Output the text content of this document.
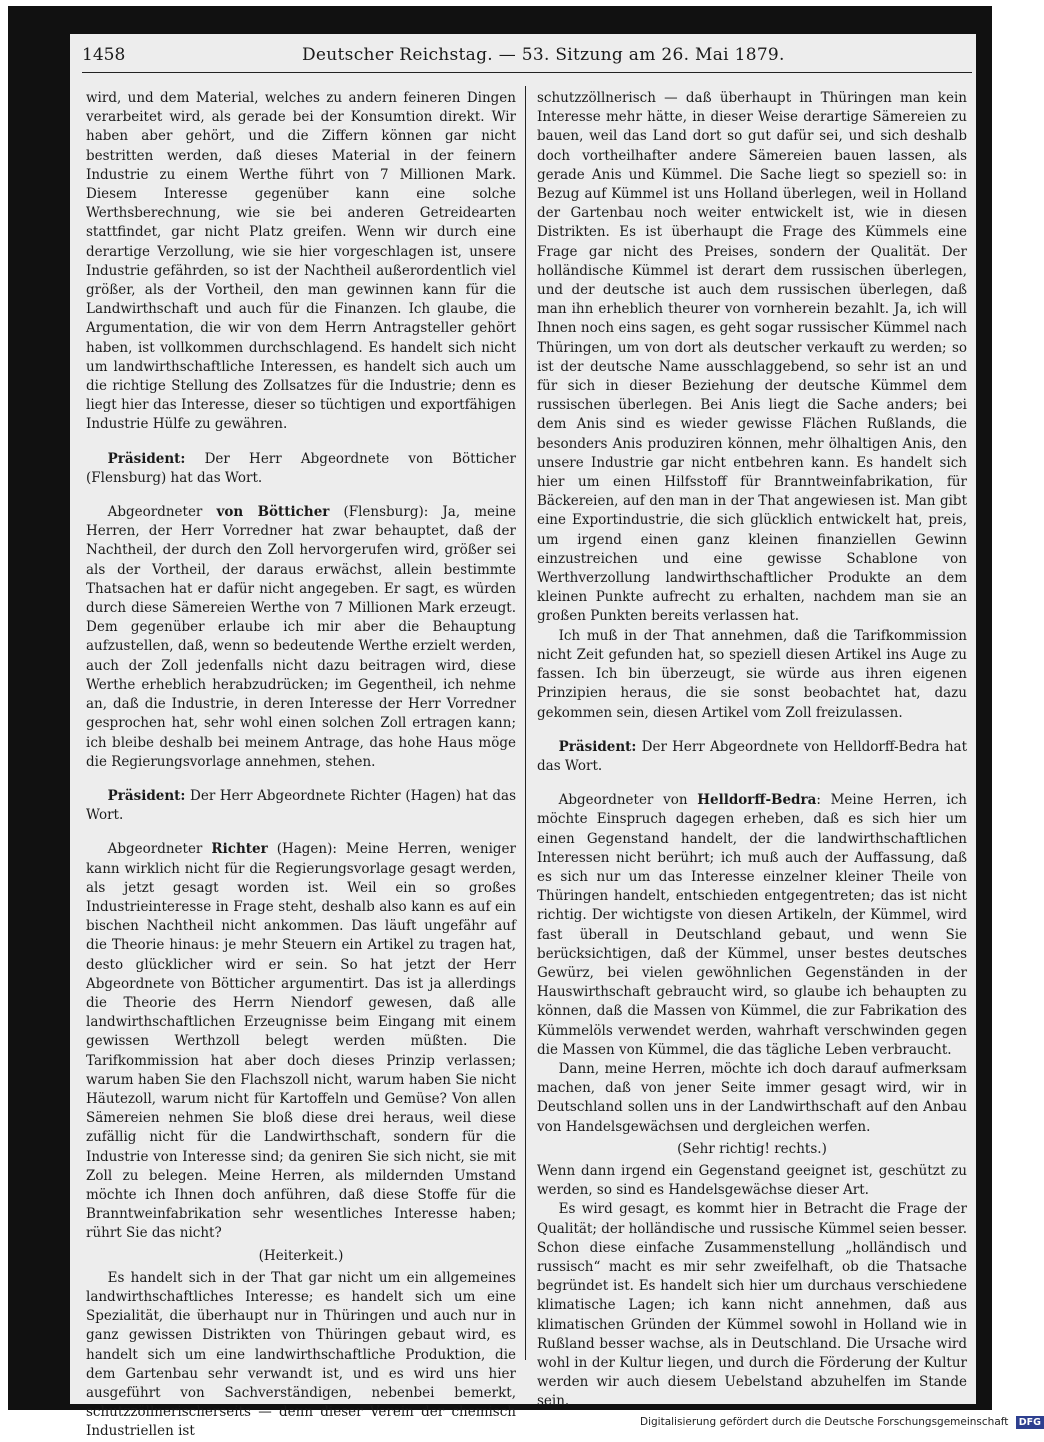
1458	Deutscher Reichstag. — 53. Sitzung am 26. Mai 1879.

wird, und dem Material, welches zu andern feineren Dingen verarbeitet wird, als gerade bei der Konsumtion direkt. Wir haben aber gehört, und die Ziffern können gar nicht bestritten werden, daß dieses Material in der feinern Industrie zu einem Werthe führt von 7 Millionen Mark. Diesem Interesse gegenüber kann eine solche Werthsberechnung, wie sie bei anderen Getreidearten stattfindet, gar nicht Platz greifen. Wenn wir durch eine derartige Verzollung, wie sie hier vorgeschlagen ist, unsere Industrie gefährden, so ist der Nachtheil außerordentlich viel größer, als der Vortheil, den man gewinnen kann für die Landwirthschaft und auch für die Finanzen. Ich glaube, die Argumentation, die wir von dem Herrn Antragsteller gehört haben, ist vollkommen durchschlagend. Es handelt sich nicht um landwirthschaftliche Interessen, es handelt sich auch um die richtige Stellung des Zollsatzes für die Industrie; denn es liegt hier das Interesse, dieser so tüchtigen und exportfähigen Industrie Hülfe zu gewähren.

Präsident: Der Herr Abgeordnete von Bötticher (Flensburg) hat das Wort.

Abgeordneter von Bötticher (Flensburg): Ja, meine Herren, der Herr Vorredner hat zwar behauptet, daß der Nachtheil, der durch den Zoll hervorgerufen wird, größer sei als der Vortheil, der daraus erwächst, allein bestimmte Thatsachen hat er dafür nicht angegeben. Er sagt, es würden durch diese Sämereien Werthe von 7 Millionen Mark erzeugt. Dem gegenüber erlaube ich mir aber die Behauptung aufzustellen, daß, wenn so bedeutende Werthe erzielt werden, auch der Zoll jedenfalls nicht dazu beitragen wird, diese Werthe erheblich herabzudrücken; im Gegentheil, ich nehme an, daß die Industrie, in deren Interesse der Herr Vorredner gesprochen hat, sehr wohl einen solchen Zoll ertragen kann; ich bleibe deshalb bei meinem Antrage, das hohe Haus möge die Regierungsvorlage annehmen, stehen.

Präsident: Der Herr Abgeordnete Richter (Hagen) hat das Wort.

Abgeordneter Richter (Hagen): Meine Herren, weniger kann wirklich nicht für die Regierungsvorlage gesagt werden, als jetzt gesagt worden ist. Weil ein so großes Industrieinteresse in Frage steht, deshalb also kann es auf ein bischen Nachtheil nicht ankommen. Das läuft ungefähr auf die Theorie hinaus: je mehr Steuern ein Artikel zu tragen hat, desto glücklicher wird er sein. So hat jetzt der Herr Abgeordnete von Bötticher argumentirt. Das ist ja allerdings die Theorie des Herrn Niendorf gewesen, daß alle landwirthschaftlichen Erzeugnisse beim Eingang mit einem gewissen Werthzoll belegt werden müßten. Die Tarifkommission hat aber doch dieses Prinzip verlassen; warum haben Sie den Flachszoll nicht, warum haben Sie nicht Häutezoll, warum nicht für Kartoffeln und Gemüse? Von allen Sämereien nehmen Sie bloß diese drei heraus, weil diese zufällig nicht für die Landwirthschaft, sondern für die Industrie von Interesse sind; da geniren Sie sich nicht, sie mit Zoll zu belegen. Meine Herren, als mildernden Umstand möchte ich Ihnen doch anführen, daß diese Stoffe für die Branntweinfabrikation sehr wesentliches Interesse haben; rührt Sie das nicht?

(Heiterkeit.)

Es handelt sich in der That gar nicht um ein allgemeines landwirthschaftliches Interesse; es handelt sich um eine Spezialität, die überhaupt nur in Thüringen und auch nur in ganz gewissen Distrikten von Thüringen gebaut wird, es handelt sich um eine landwirthschaftliche Produktion, die dem Gartenbau sehr verwandt ist, und es wird uns hier ausgeführt von Sachverständigen, nebenbei bemerkt, schutzzöllnerischerseits — denn dieser Verein der chemisch Industriellen ist

schutzzöllnerisch — daß überhaupt in Thüringen man kein Interesse mehr hätte, in dieser Weise derartige Sämereien zu bauen, weil das Land dort so gut dafür sei, und sich deshalb doch vortheilhafter andere Sämereien bauen lassen, als gerade Anis und Kümmel. Die Sache liegt so speziell so: in Bezug auf Kümmel ist uns Holland überlegen, weil in Holland der Gartenbau noch weiter entwickelt ist, wie in diesen Distrikten. Es ist überhaupt die Frage des Kümmels eine Frage gar nicht des Preises, sondern der Qualität. Der holländische Kümmel ist derart dem russischen überlegen, und der deutsche ist auch dem russischen überlegen, daß man ihn erheblich theurer von vornherein bezahlt. Ja, ich will Ihnen noch eins sagen, es geht sogar russischer Kümmel nach Thüringen, um von dort als deutscher verkauft zu werden; so ist der deutsche Name ausschlaggebend, so sehr ist an und für sich in dieser Beziehung der deutsche Kümmel dem russischen überlegen. Bei Anis liegt die Sache anders; bei dem Anis sind es wieder gewisse Flächen Rußlands, die besonders Anis produziren können, mehr ölhaltigen Anis, den unsere Industrie gar nicht entbehren kann. Es handelt sich hier um einen Hilfsstoff für Branntweinfabrikation, für Bäckereien, auf den man in der That angewiesen ist. Man gibt eine Exportindustrie, die sich glücklich entwickelt hat, preis, um irgend einen ganz kleinen finanziellen Gewinn einzustreichen und eine gewisse Schablone von Werthverzollung landwirthschaftlicher Produkte an dem kleinen Punkte aufrecht zu erhalten, nachdem man sie an großen Punkten bereits verlassen hat.

Ich muß in der That annehmen, daß die Tarifkommission nicht Zeit gefunden hat, so speziell diesen Artikel ins Auge zu fassen. Ich bin überzeugt, sie würde aus ihren eigenen Prinzipien heraus, die sie sonst beobachtet hat, dazu gekommen sein, diesen Artikel vom Zoll freizulassen.

Präsident: Der Herr Abgeordnete von Helldorff-Bedra hat das Wort.

Abgeordneter von Helldorff-Bedra: Meine Herren, ich möchte Einspruch dagegen erheben, daß es sich hier um einen Gegenstand handelt, der die landwirthschaftlichen Interessen nicht berührt; ich muß auch der Auffassung, daß es sich nur um das Interesse einzelner kleiner Theile von Thüringen handelt, entschieden entgegentreten; das ist nicht richtig. Der wichtigste von diesen Artikeln, der Kümmel, wird fast überall in Deutschland gebaut, und wenn Sie berücksichtigen, daß der Kümmel, unser bestes deutsches Gewürz, bei vielen gewöhnlichen Gegenständen in der Hauswirthschaft gebraucht wird, so glaube ich behaupten zu können, daß die Massen von Kümmel, die zur Fabrikation des Kümmelöls verwendet werden, wahrhaft verschwinden gegen die Massen von Kümmel, die das tägliche Leben verbraucht.

Dann, meine Herren, möchte ich doch darauf aufmerksam machen, daß von jener Seite immer gesagt wird, wir in Deutschland sollen uns in der Landwirthschaft auf den Anbau von Handelsgewächsen und dergleichen werfen.

(Sehr richtig! rechts.)

Wenn dann irgend ein Gegenstand geeignet ist, geschützt zu werden, so sind es Handelsgewächse dieser Art.

Es wird gesagt, es kommt hier in Betracht die Frage der Qualität; der holländische und russische Kümmel seien besser. Schon diese einfache Zusammenstellung „holländisch und russisch“ macht es mir sehr zweifelhaft, ob die Thatsache begründet ist. Es handelt sich hier um durchaus verschiedene klimatische Lagen; ich kann nicht annehmen, daß aus klimatischen Gründen der Kümmel sowohl in Holland wie in Rußland besser wachse, als in Deutschland. Die Ursache wird wohl in der Kultur liegen, und durch die Förderung der Kultur werden wir auch diesem Uebelstand abzuhelfen im Stande sein.

Digitalisierung gefördert durch die Deutsche Forschungsgemeinschaft DFG
